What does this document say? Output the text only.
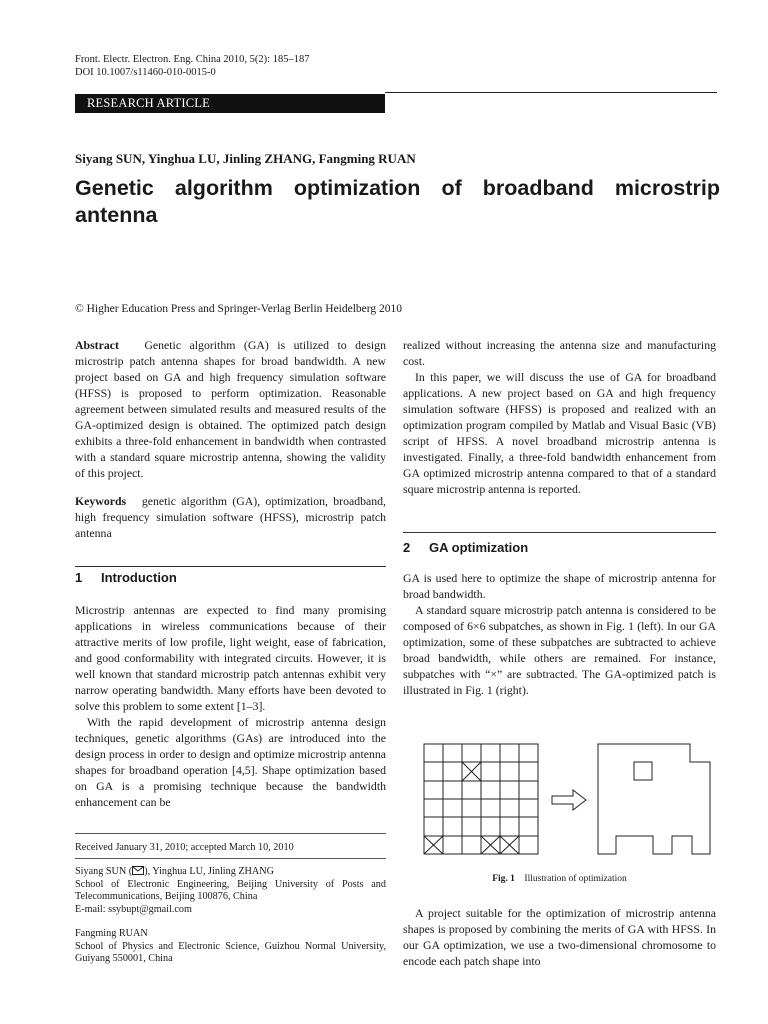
Front. Electr. Electron. Eng. China 2010, 5(2): 185–187
DOI 10.1007/s11460-010-0015-0
RESEARCH ARTICLE
Siyang SUN, Yinghua LU, Jinling ZHANG, Fangming RUAN
Genetic algorithm optimization of broadband microstrip antenna
© Higher Education Press and Springer-Verlag Berlin Heidelberg 2010

Abstract Genetic algorithm (GA) is utilized to design microstrip patch antenna shapes for broad bandwidth. A new project based on GA and high frequency simulation software (HFSS) is proposed to perform optimization. Reasonable agreement between simulated results and measured results of the GA-optimized design is obtained. The optimized patch design exhibits a three-fold enhancement in bandwidth when contrasted with a standard square microstrip antenna, showing the validity of this project.

Keywords genetic algorithm (GA), optimization, broadband, high frequency simulation software (HFSS), microstrip patch antenna

1 Introduction

Microstrip antennas are expected to find many promising applications in wireless communications because of their attractive merits of low profile, light weight, ease of fabrication, and good conformability with integrated circuits. However, it is well known that standard microstrip patch antennas exhibit very narrow operating bandwidth. Many efforts have been devoted to solve this problem to some extent [1–3].

With the rapid development of microstrip antenna design techniques, genetic algorithms (GAs) are introduced into the design process in order to design and optimize microstrip antenna shapes for broadband operation [4,5]. Shape optimization based on GA is a promising technique because the bandwidth enhancement can be

Received January 31, 2010; accepted March 10, 2010
Siyang SUN ( ), Yinghua LU, Jinling ZHANG
School of Electronic Engineering, Beijing University of Posts and Telecommunications, Beijing 100876, China
E-mail: ssybupt@gmail.com
Fangming RUAN
School of Physics and Electronic Science, Guizhou Normal University, Guiyang 550001, China

realized without increasing the antenna size and manufacturing cost.

In this paper, we will discuss the use of GA for broadband applications. A new project based on GA and high frequency simulation software (HFSS) is proposed and realized with an optimization program compiled by Matlab and Visual Basic (VB) script of HFSS. A novel broadband microstrip antenna is investigated. Finally, a three-fold bandwidth enhancement from GA optimized microstrip antenna compared to that of a standard square microstrip antenna is reported.

2 GA optimization

GA is used here to optimize the shape of microstrip antenna for broad bandwidth.

A standard square microstrip patch antenna is considered to be composed of 6×6 subpatches, as shown in Fig. 1 (left). In our GA optimization, some of these subpatches are subtracted to achieve broad bandwidth, while others are remained. For instance, subpatches with “×” are subtracted. The GA-optimized patch is illustrated in Fig. 1 (right).

Fig. 1 Illustration of optimization

A project suitable for the optimization of microstrip antenna shapes is proposed by combining the merits of GA with HFSS. In our GA optimization, we use a two-dimensional chromosome to encode each patch shape into
